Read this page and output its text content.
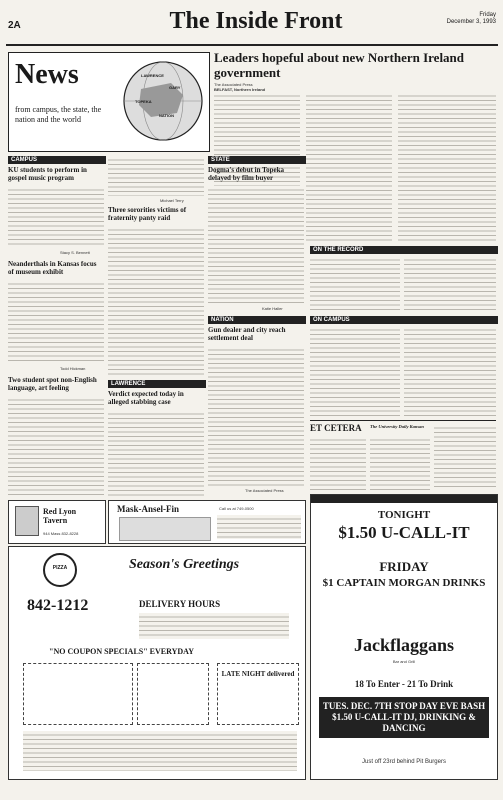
2A	The Inside Front	Friday
December 3, 1993
News
from campus, the state, the nation and the world
LAWRENCE
GARY
TOPEKA
NATION
Leaders hopeful about new Northern Ireland government
The Associated Press
BELFAST, Northern Ireland
CAMPUS
KU students to perform in gospel music program
Stacy S. Bennett
Neanderthals in Kansas focus of museum exhibit
Todd Hickman
Two student spot non-English language, art feeling
Michael Terry
Three sororities victims of fraternity panty raid
LAWRENCE
Verdict expected today in alleged stabbing case
STATE
Dogma's debut in Topeka delayed by film buyer
Katie Haller
NATION
Gun dealer and city reach settlement deal
The Associated Press
ON THE RECORD
ON CAMPUS
ET CETERA The University Daily Kansan
Red Lyon Tavern
944 Mass 832-8228
Mask-Ansel-Fin	Call us at 749-0500
PIZZA	Season's Greetings
842-1212	DELIVERY HOURS
"NO COUPON SPECIALS" EVERYDAY
LATE NIGHT delivered
TONIGHT
$1.50 U-CALL-IT
FRIDAY
$1 CAPTAIN MORGAN DRINKS
Jackflaggans
Bar and Grill
18 To Enter - 21 To Drink
TUES. DEC. 7TH STOP DAY EVE BASH $1.50 U-CALL-IT DJ, DRINKING & DANCING
Just off 23rd behind Pit Burgers
